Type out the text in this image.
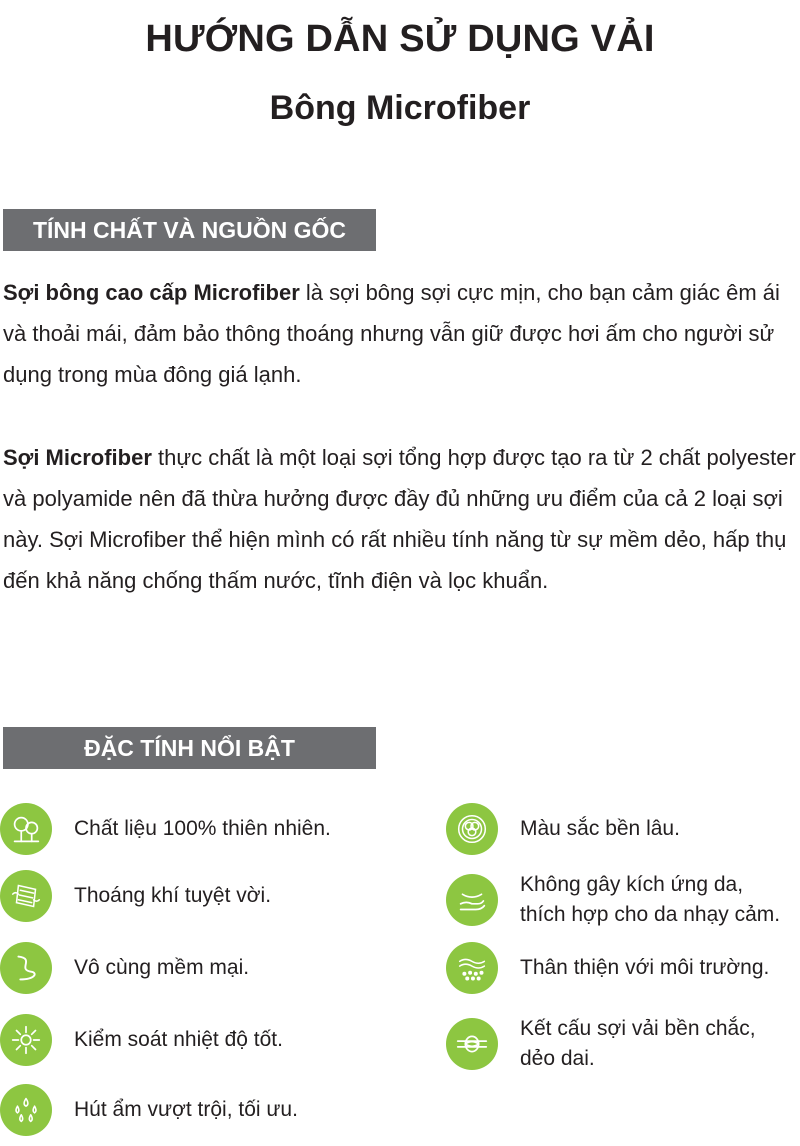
HƯỚNG DẪN SỬ DỤNG VẢI
Bông Microfiber
TÍNH CHẤT VÀ NGUỒN GỐC

Sợi bông cao cấp Microfiber là sợi bông sợi cực mịn, cho bạn cảm giác êm ái và thoải mái, đảm bảo thông thoáng nhưng vẫn giữ được hơi ấm cho người sử dụng trong mùa đông giá lạnh.

Sợi Microfiber thực chất là một loại sợi tổng hợp được tạo ra từ 2 chất polyester và polyamide nên đã thừa hưởng được đầy đủ những ưu điểm của cả 2 loại sợi này. Sợi Microfiber thể hiện mình có rất nhiều tính năng từ sự mềm dẻo, hấp thụ đến khả năng chống thấm nước, tĩnh điện và lọc khuẩn.

ĐẶC TÍNH NỔI BẬT
Chất liệu 100% thiên nhiên.
Thoáng khí tuyệt vời.
Vô cùng mềm mại.
Kiểm soát nhiệt độ tốt.
Hút ẩm vượt trội, tối ưu.
Màu sắc bền lâu.
Không gây kích ứng da,
thích hợp cho da nhạy cảm.
Thân thiện với môi trường.
Kết cấu sợi vải bền chắc,
dẻo dai.
